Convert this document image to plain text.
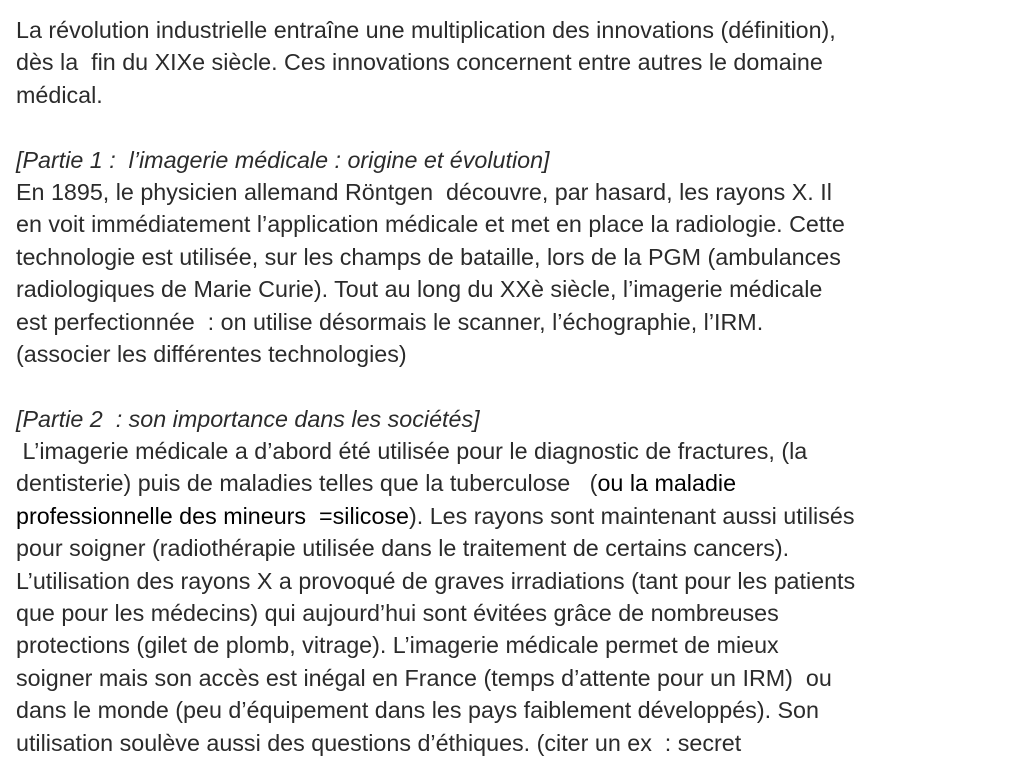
La révolution industrielle entraîne une multiplication des innovations (définition),
dès la  fin du XIXe siècle. Ces innovations concernent entre autres le domaine
médical.
[Partie 1 :  l’imagerie médicale : origine et évolution]
En 1895, le physicien allemand Röntgen  découvre, par hasard, les rayons X. Il
en voit immédiatement l’application médicale et met en place la radiologie. Cette
technologie est utilisée, sur les champs de bataille, lors de la PGM (ambulances
radiologiques de Marie Curie). Tout au long du XXè siècle, l’imagerie médicale
est perfectionnée  : on utilise désormais le scanner, l’échographie, l’IRM.
(associer les différentes technologies)
[Partie 2  : son importance dans les sociétés]
L’imagerie médicale a d’abord été utilisée pour le diagnostic de fractures, (la
dentisterie) puis de maladies telles que la tuberculose   (ou la maladie
professionnelle des mineurs  =silicose). Les rayons sont maintenant aussi utilisés
pour soigner (radiothérapie utilisée dans le traitement de certains cancers).
L’utilisation des rayons X a provoqué de graves irradiations (tant pour les patients
que pour les médecins) qui aujourd’hui sont évitées grâce de nombreuses
protections (gilet de plomb, vitrage). L’imagerie médicale permet de mieux
soigner mais son accès est inégal en France (temps d’attente pour un IRM)  ou
dans le monde (peu d’équipement dans les pays faiblement développés). Son
utilisation soulève aussi des questions d’éthiques. (citer un ex  : secret
